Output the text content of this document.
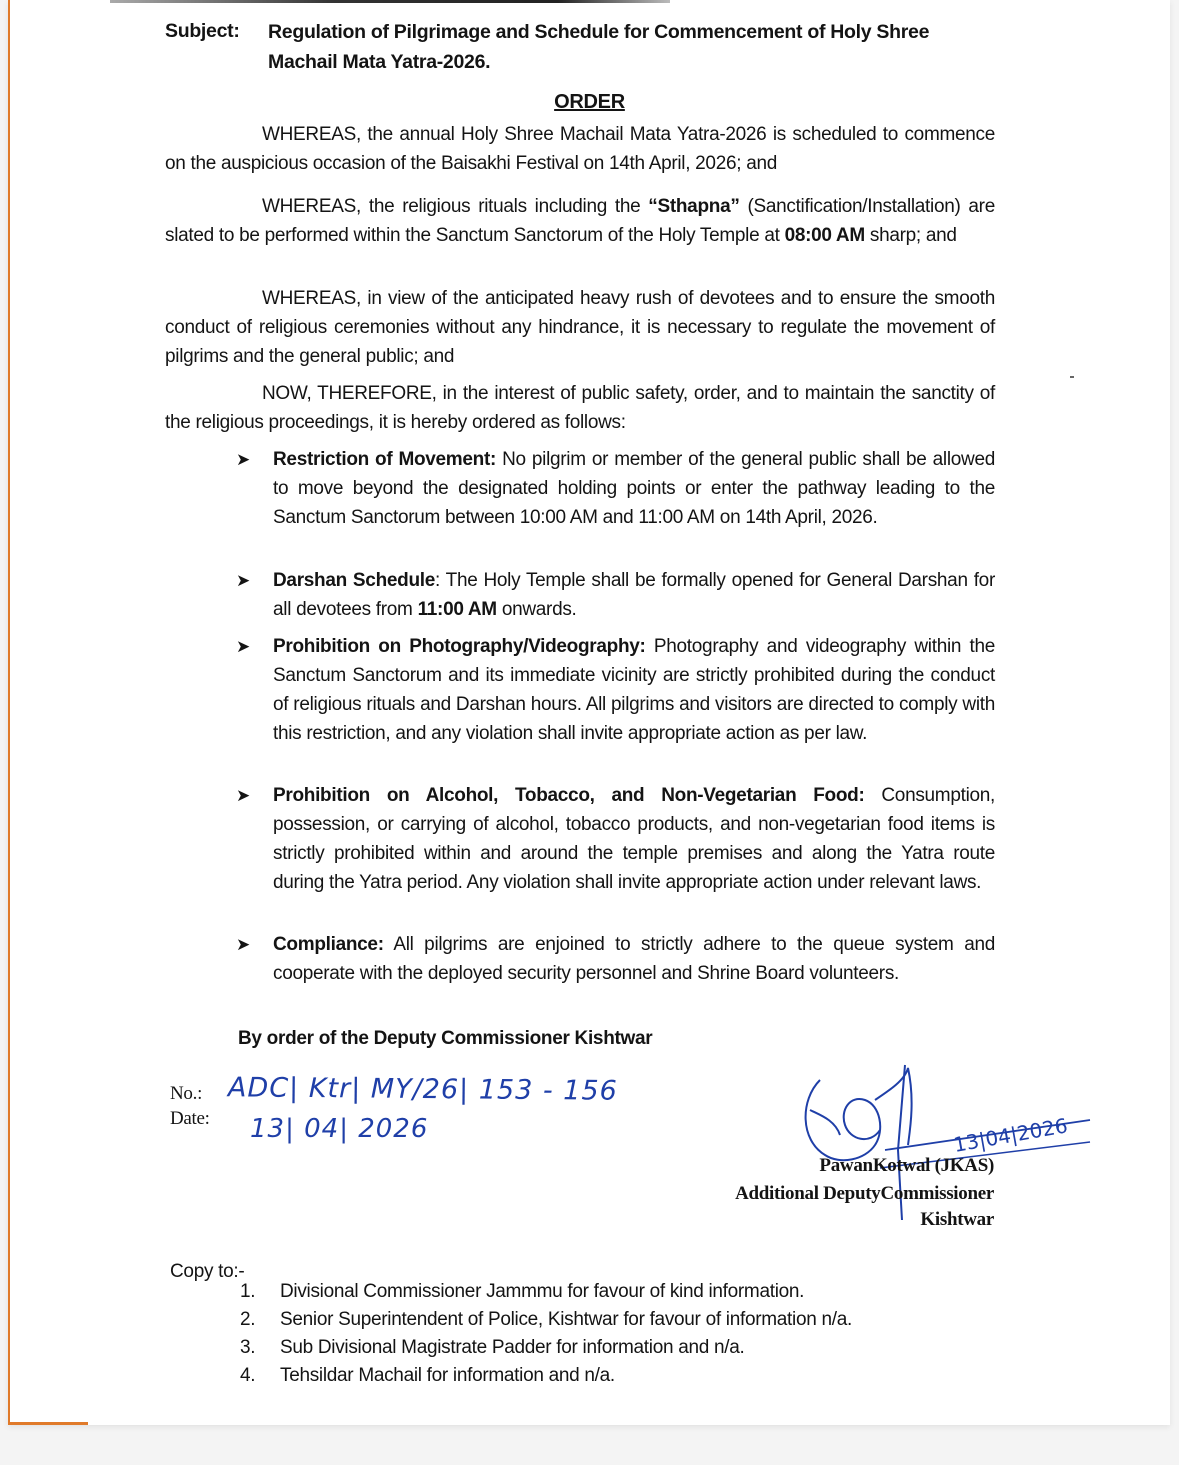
Subject: Regulation of Pilgrimage and Schedule for Commencement of Holy Shree Machail Mata Yatra-2026.
ORDER
WHEREAS, the annual Holy Shree Machail Mata Yatra-2026 is scheduled to commence on the auspicious occasion of the Baisakhi Festival on 14th April, 2026; and
WHEREAS, the religious rituals including the “Sthapna” (Sanctification/Installation) are slated to be performed within the Sanctum Sanctorum of the Holy Temple at 08:00 AM sharp; and
WHEREAS, in view of the anticipated heavy rush of devotees and to ensure the smooth conduct of religious ceremonies without any hindrance, it is necessary to regulate the movement of pilgrims and the general public; and
NOW, THEREFORE, in the interest of public safety, order, and to maintain the sanctity of the religious proceedings, it is hereby ordered as follows:
➤ Restriction of Movement: No pilgrim or member of the general public shall be allowed to move beyond the designated holding points or enter the pathway leading to the Sanctum Sanctorum between 10:00 AM and 11:00 AM on 14th April, 2026.
➤ Darshan Schedule: The Holy Temple shall be formally opened for General Darshan for all devotees from 11:00 AM onwards.
➤ Prohibition on Photography/Videography: Photography and videography within the Sanctum Sanctorum and its immediate vicinity are strictly prohibited during the conduct of religious rituals and Darshan hours. All pilgrims and visitors are directed to comply with this restriction, and any violation shall invite appropriate action as per law.
➤ Prohibition on Alcohol, Tobacco, and Non-Vegetarian Food: Consumption, possession, or carrying of alcohol, tobacco products, and non-vegetarian food items is strictly prohibited within and around the temple premises and along the Yatra route during the Yatra period. Any violation shall invite appropriate action under relevant laws.
➤ Compliance: All pilgrims are enjoined to strictly adhere to the queue system and cooperate with the deployed security personnel and Shrine Board volunteers.
By order of the Deputy Commissioner Kishtwar
No.:
Date:
ADC| Ktr| MY/26| 153 - 156
13| 04| 2026	13|04|2026
PawanKotwal (JKAS)
Additional DeputyCommissioner
Kishtwar
Copy to:-
1.	Divisional Commissioner Jammmu for favour of kind information.
2.	Senior Superintendent of Police, Kishtwar for favour of information n/a.
3.	Sub Divisional Magistrate Padder for information and n/a.
4.	Tehsildar Machail for information and n/a.
